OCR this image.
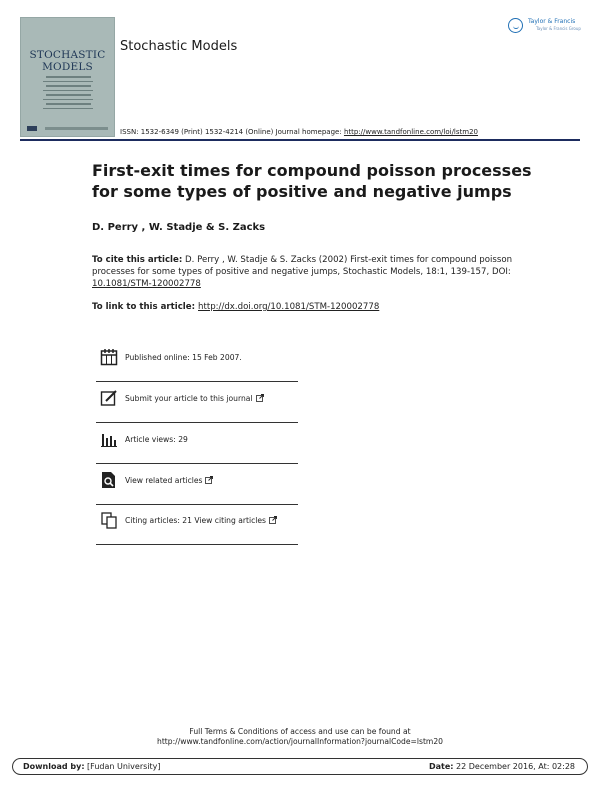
STOCHASTIC
MODELS
Stochastic Models
ISSN: 1532-6349 (Print) 1532-4214 (Online) Journal homepage: http://www.tandfonline.com/loi/lstm20
Taylor & Francis
Taylor & Francis Group
First-exit times for compound poisson processes for some types of positive and negative jumps
D. Perry , W. Stadje & S. Zacks
To cite this article: D. Perry , W. Stadje & S. Zacks (2002) First-exit times for compound poisson processes for some types of positive and negative jumps, Stochastic Models, 18:1, 139-157, DOI: 10.1081/STM-120002778
To link to this article: http://dx.doi.org/10.1081/STM-120002778
Published online: 15 Feb 2007.
Submit your article to this journal
Article views: 29
View related articles
Citing articles: 21 View citing articles
Full Terms & Conditions of access and use can be found at
http://www.tandfonline.com/action/journalInformation?journalCode=lstm20
Download by: [Fudan University]	Date: 22 December 2016, At: 02:28
